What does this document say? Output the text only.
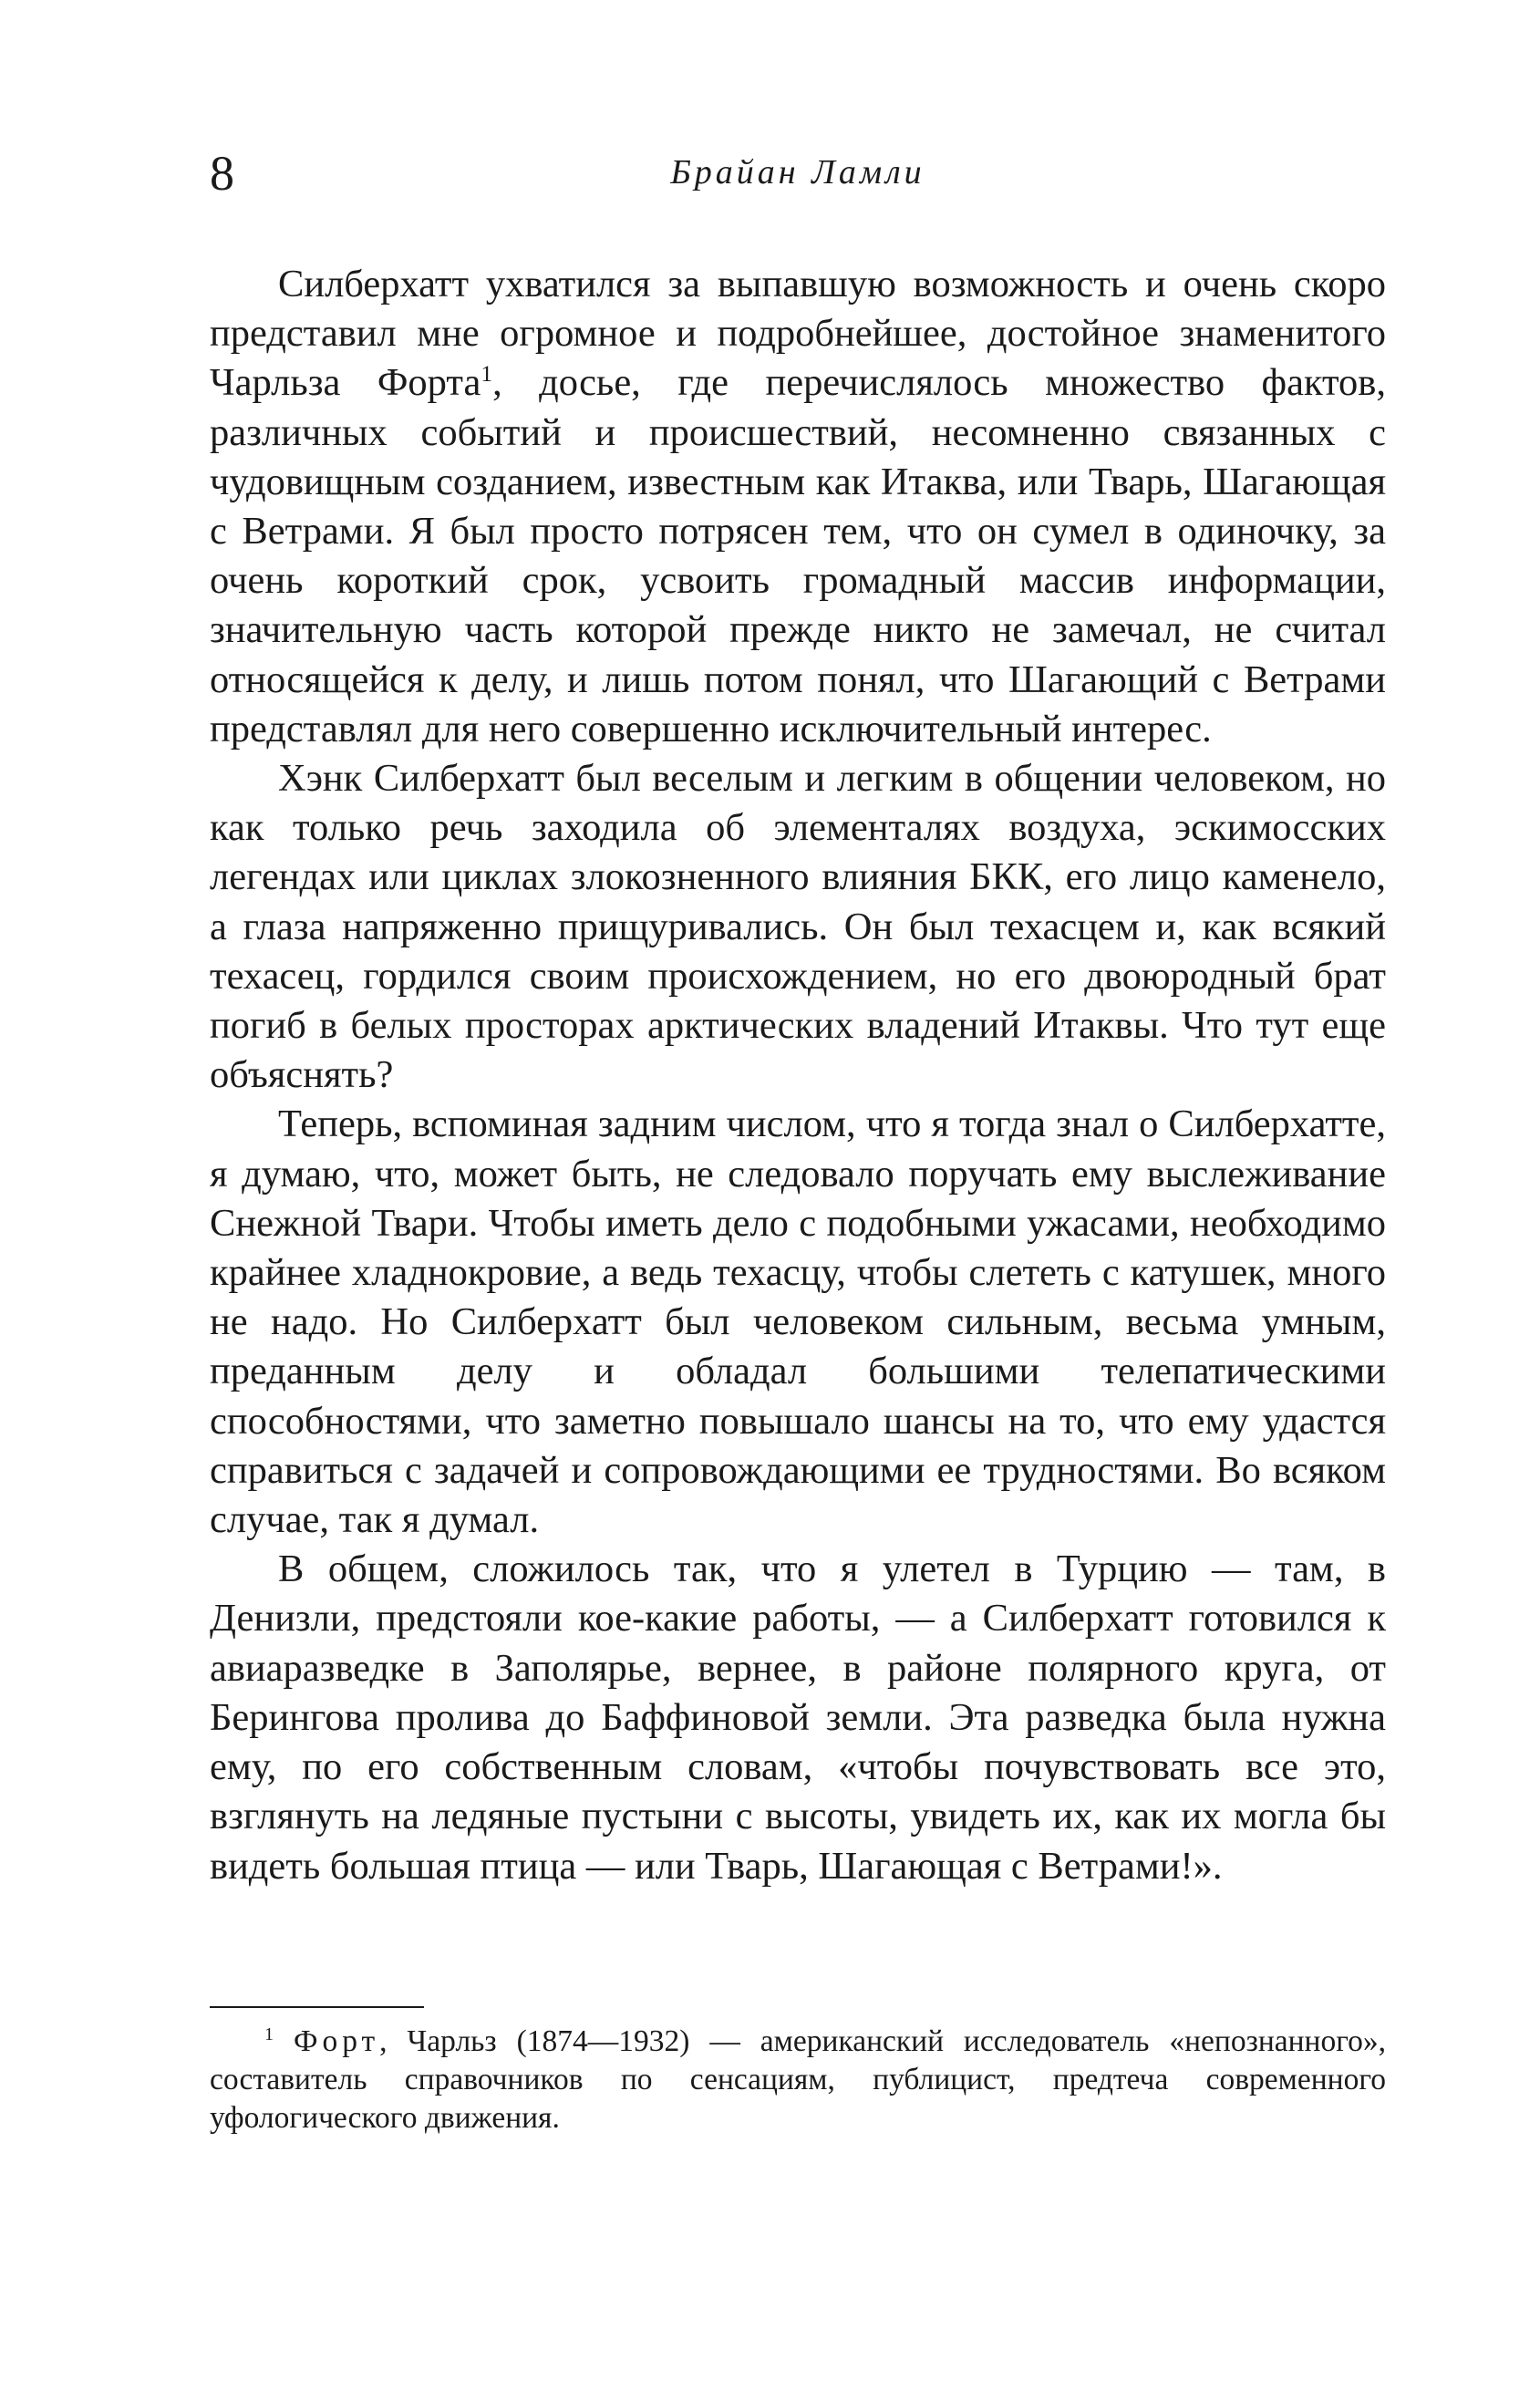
8	Брайан Ламли

Силберхатт ухватился за выпавшую возможность и очень скоро представил мне огромное и подробнейшее, достойное знаменитого Чарльза Форта$^1$, досье, где перечислялось множество фактов, различных событий и происшествий, несомненно связанных с чудовищным созданием, известным как Итаква, или Тварь, Шагающая с Ветрами. Я был просто потрясен тем, что он сумел в одиночку, за очень короткий срок, усвоить громадный массив информации, значительную часть которой прежде никто не замечал, не считал относящейся к делу, и лишь потом понял, что Шагающий с Ветрами представлял для него совершенно исключительный интерес.

Хэнк Силберхатт был веселым и легким в общении человеком, но как только речь заходила об элементалях воздуха, эскимосских легендах или циклах злокозненного влияния БКК, его лицо каменело, а глаза напряженно прищуривались. Он был техасцем и, как всякий техасец, гордился своим происхождением, но его двоюродный брат погиб в белых просторах арктических владений Итаквы. Что тут еще объяснять?

Теперь, вспоминая задним числом, что я тогда знал о Силберхатте, я думаю, что, может быть, не следовало поручать ему выслеживание Снежной Твари. Чтобы иметь дело с подобными ужасами, необходимо крайнее хладнокровие, а ведь техасцу, чтобы слететь с катушек, много не надо. Но Силберхатт был человеком сильным, весьма умным, преданным делу и обладал большими телепатическими способностями, что заметно повышало шансы на то, что ему удастся справиться с задачей и сопровождающими ее трудностями. Во всяком случае, так я думал.

В общем, сложилось так, что я улетел в Турцию — там, в Денизли, предстояли кое-какие работы, — а Силберхатт готовился к авиаразведке в Заполярье, вернее, в районе полярного круга, от Берингова пролива до Баффиновой земли. Эта разведка была нужна ему, по его собственным словам, «чтобы почувствовать все это, взглянуть на ледяные пустыни с высоты, увидеть их, как их могла бы видеть большая птица — или Тварь, Шагающая с Ветрами!».

$^1$ Форт, Чарльз (1874—1932) — американский исследователь «непознанного», составитель справочников по сенсациям, публицист, предтеча современного уфологического движения.
